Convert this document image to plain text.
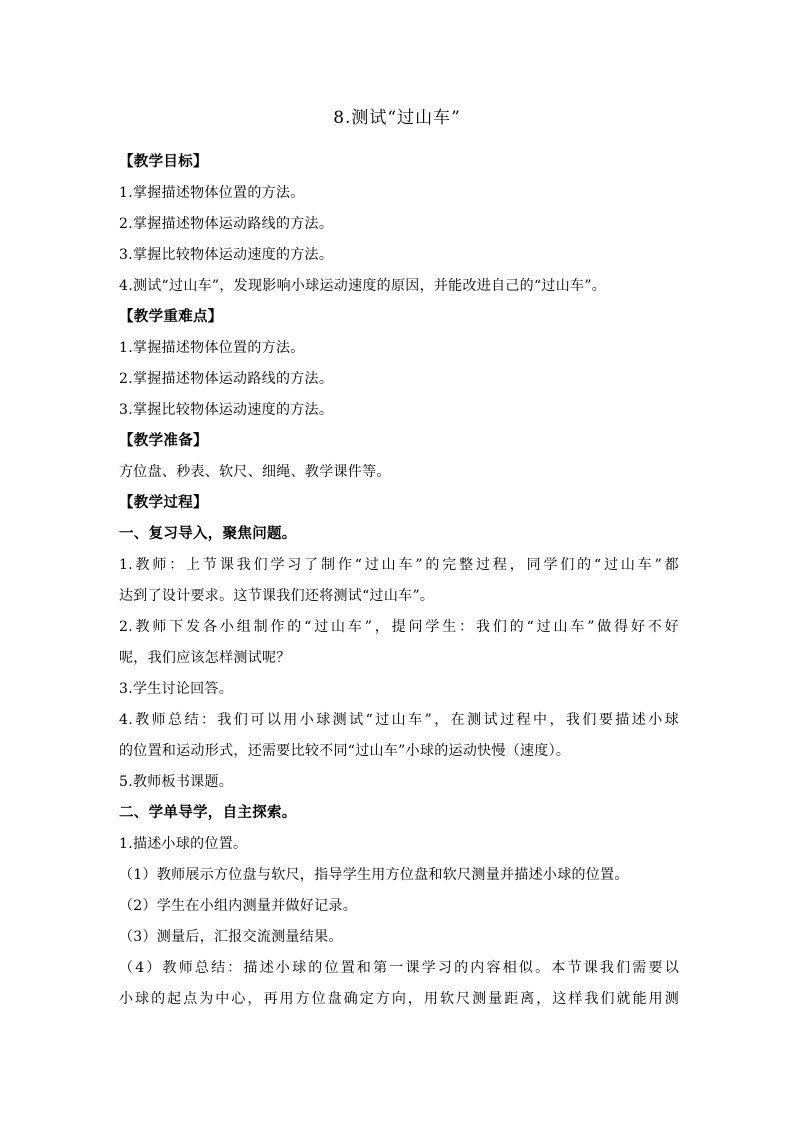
8.测试“过山车”
【教学目标】
1.掌握描述物体位置的方法。
2.掌握描述物体运动路线的方法。
3.掌握比较物体运动速度的方法。
4.测试“过山车”，发现影响小球运动速度的原因，并能改进自己的“过山车”。
【教学重难点】
1.掌握描述物体位置的方法。
2.掌握描述物体运动路线的方法。
3.掌握比较物体运动速度的方法。
【教学准备】
方位盘、秒表、软尺、细绳、教学课件等。
【教学过程】
一、复习导入，聚焦问题。
1.教师：上节课我们学习了制作“过山车”的完整过程，同学们的“过山车”都
达到了设计要求。这节课我们还将测试“过山车”。
2.教师下发各小组制作的“过山车”，提问学生：我们的“过山车”做得好不好
呢，我们应该怎样测试呢？
3.学生讨论回答。
4.教师总结：我们可以用小球测试“过山车”，在测试过程中，我们要描述小球
的位置和运动形式，还需要比较不同“过山车”小球的运动快慢（速度）。
5.教师板书课题。
二、学单导学，自主探索。
1.描述小球的位置。
（1）教师展示方位盘与软尺，指导学生用方位盘和软尺测量并描述小球的位置。
（2）学生在小组内测量并做好记录。
（3）测量后，汇报交流测量结果。
（4）教师总结：描述小球的位置和第一课学习的内容相似。本节课我们需要以
小球的起点为中心，再用方位盘确定方向，用软尺测量距离，这样我们就能用测
